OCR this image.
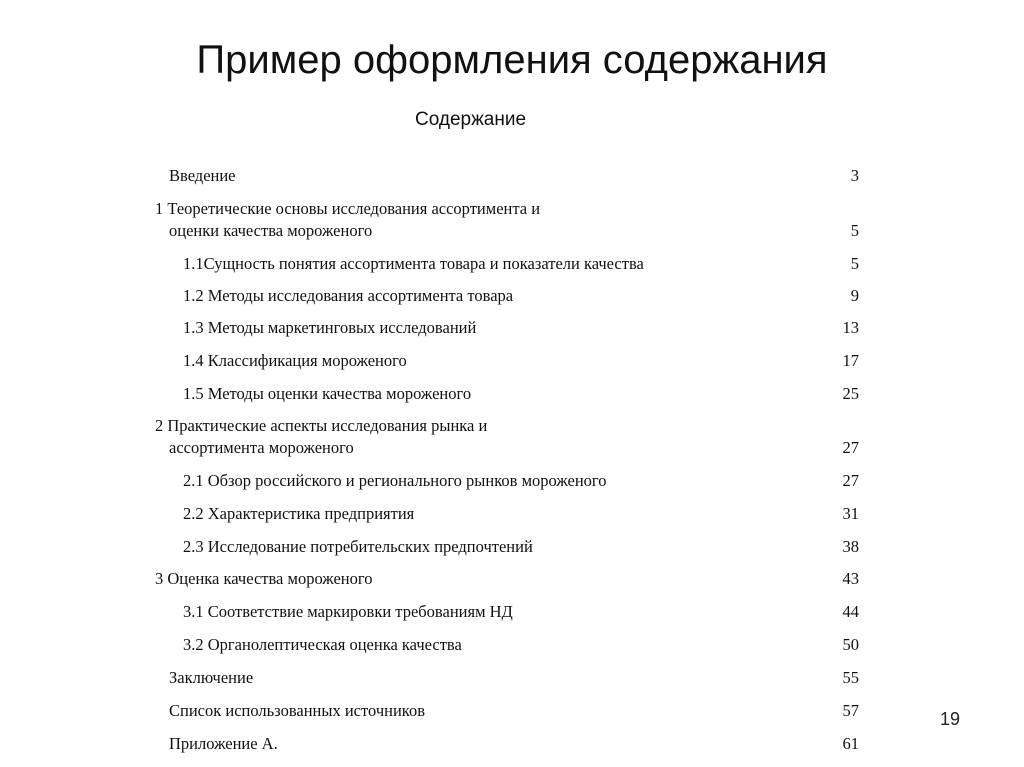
Пример оформления содержания
Содержание
Введение	3
1 Теоретические основы исследования ассортимента и
оценки качества мороженого	5
1.1Сущность понятия ассортимента товара и показатели качества	5
1.2 Методы исследования ассортимента товара	9
1.3 Методы маркетинговых исследований	13
1.4 Классификация мороженого	17
1.5 Методы оценки качества мороженого	25
2 Практические аспекты исследования рынка и
ассортимента мороженого	27
2.1 Обзор российского и регионального рынков мороженого	27
2.2 Характеристика предприятия	31
2.3 Исследование потребительских предпочтений	38
3 Оценка качества мороженого	43
3.1 Соответствие маркировки требованиям НД	44
3.2 Органолептическая оценка качества	50
Заключение	55
Список использованных источников	57
Приложение А.	61
19
